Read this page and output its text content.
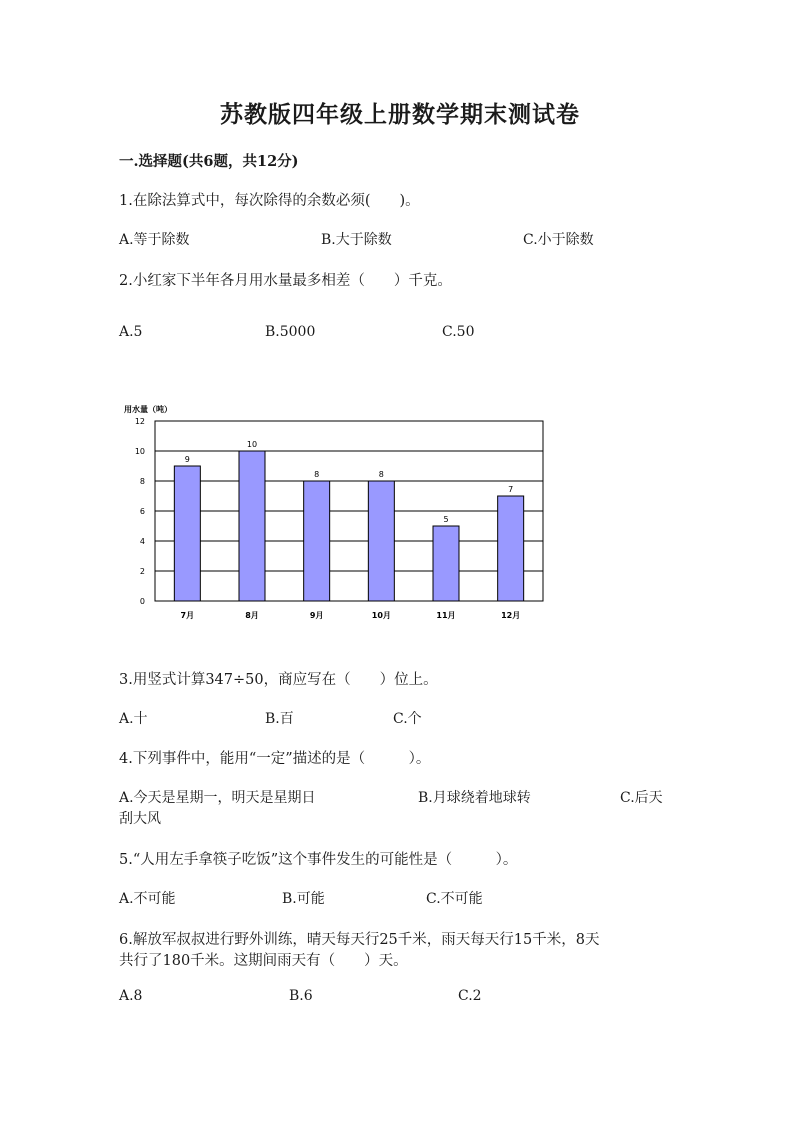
苏教版四年级上册数学期末测试卷
一.选择题(共6题，共12分)
1.在除法算式中，每次除得的余数必须(　　)。
A.等于除数	B.大于除数	C.小于除数
2.小红家下半年各月用水量最多相差（　　）千克。
A.5	B.5000	C.50
0
2
4
6
8
10
12
9
7月
10
8月
8
9月
8
10月
5
11月
7
12月
用水量（吨）
3.用竖式计算347÷50，商应写在（　　）位上。
A.十	B.百	C.个
4.下列事件中，能用“一定”描述的是（　　　）。
A.今天是星期一，明天是星期日	B.月球绕着地球转	C.后天
刮大风
5.“人用左手拿筷子吃饭”这个事件发生的可能性是（　　　）。
A.不可能	B.可能	C.不可能
6.解放军叔叔进行野外训练，晴天每天行25千米，雨天每天行15千米，8天
共行了180千米。这期间雨天有（　　）天。
A.8	B.6	C.2
